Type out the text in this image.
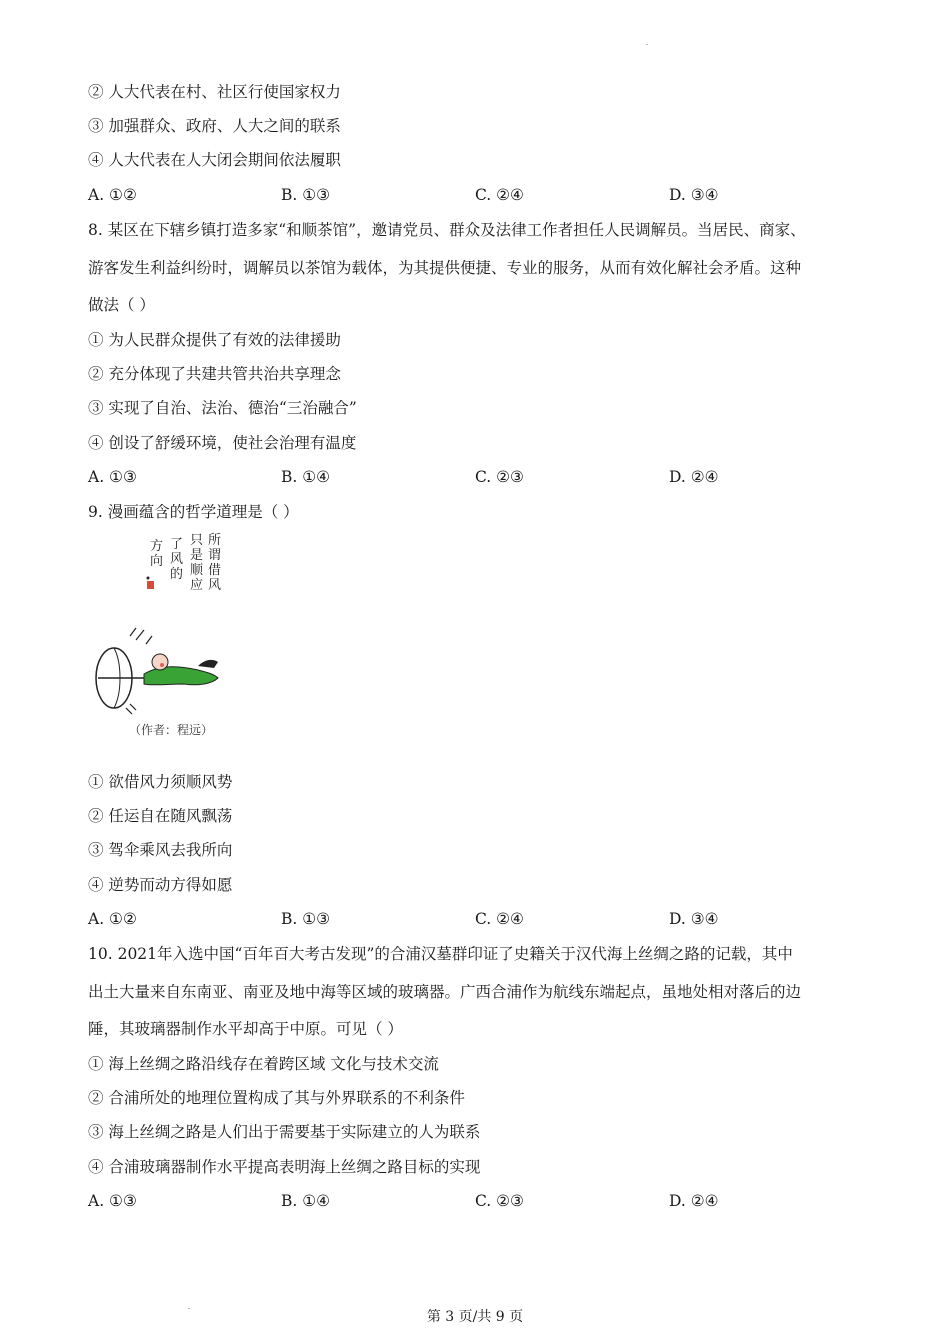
② 人大代表在村、社区行使国家权力
③ 加强群众、政府、人大之间的联系
④ 人大代表在人大闭会期间依法履职
A. ①②	B. ①③	C. ②④	D. ③④
8. 某区在下辖乡镇打造多家“和顺茶馆”，邀请党员、群众及法律工作者担任人民调解员。当居民、商家、
游客发生利益纠纷时，调解员以茶馆为载体，为其提供便捷、专业的服务，从而有效化解社会矛盾。这种
做法（ ）
① 为人民群众提供了有效的法律援助
② 充分体现了共建共管共治共享理念
③ 实现了自治、法治、德治“三治融合”
④ 创设了舒缓环境，使社会治理有温度
A. ①③	B. ①④	C. ②③	D. ②④
9. 漫画蕴含的哲学道理是（ ）
所谓借风
只是顺应
了风的
方向
（作者：程远）
① 欲借风力须顺风势
② 任运自在随风飘荡
③ 驾伞乘风去我所向
④ 逆势而动方得如愿
A. ①②	B. ①③	C. ②④	D. ③④
10. 2021年入选中国“百年百大考古发现”的合浦汉墓群印证了史籍关于汉代海上丝绸之路的记载，其中
出土大量来自东南亚、南亚及地中海等区域的玻璃器。广西合浦作为航线东端起点，虽地处相对落后的边
陲，其玻璃器制作水平却高于中原。可见（ ）
① 海上丝绸之路沿线存在着跨区域 文化与技术交流
② 合浦所处的地理位置构成了其与外界联系的不利条件
③ 海上丝绸之路是人们出于需要基于实际建立的人为联系
④ 合浦玻璃器制作水平提高表明海上丝绸之路目标的实现
A. ①③	B. ①④	C. ②③	D. ②④
第 3 页/共 9 页
